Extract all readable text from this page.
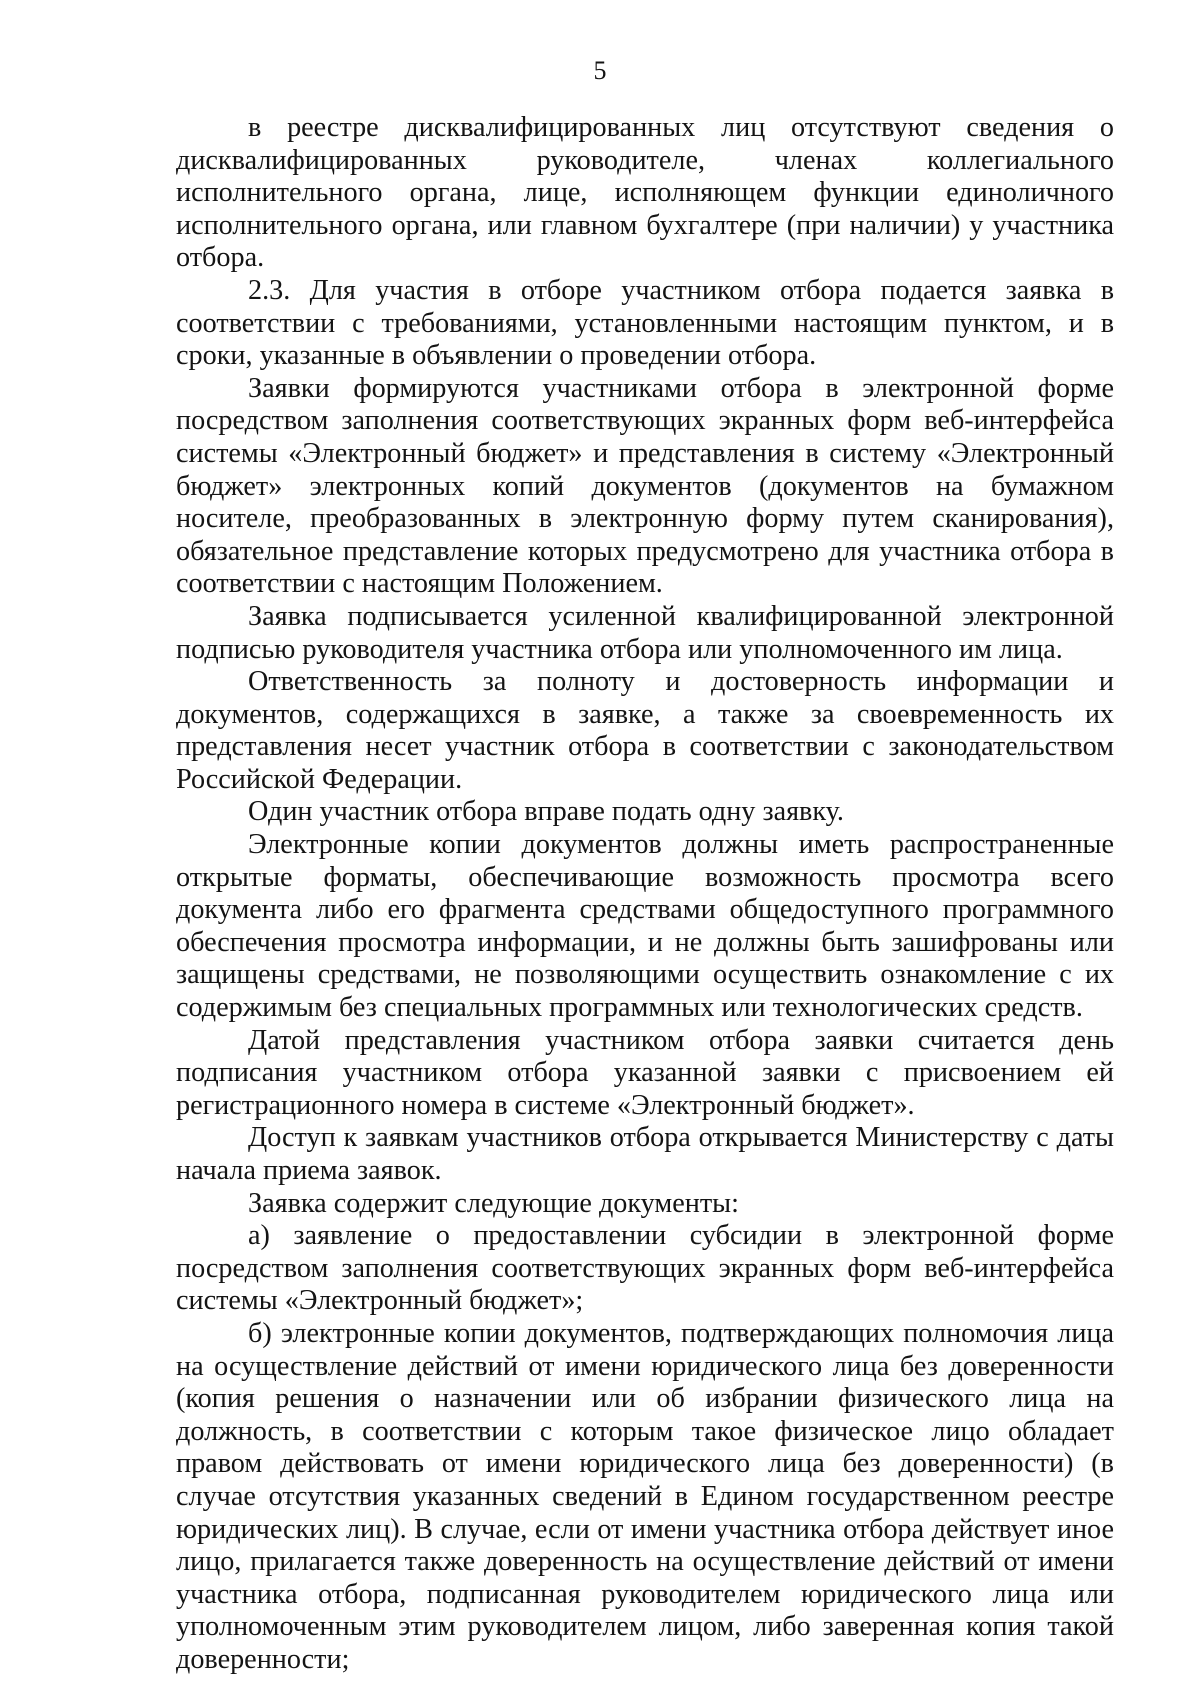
5

в реестре дисквалифицированных лиц отсутствуют сведения о дисквалифицированных руководителе, членах коллегиального исполнительного органа, лице, исполняющем функции единоличного исполнительного органа, или главном бухгалтере (при наличии) у участника отбора.

2.3. Для участия в отборе участником отбора подается заявка в соответствии с требованиями, установленными настоящим пунктом, и в сроки, указанные в объявлении о проведении отбора.

Заявки формируются участниками отбора в электронной форме посредством заполнения соответствующих экранных форм веб-интерфейса системы «Электронный бюджет» и представления в систему «Электронный бюджет» электронных копий документов (документов на бумажном носителе, преобразованных в электронную форму путем сканирования), обязательное представление которых предусмотрено для участника отбора в соответствии с настоящим Положением.

Заявка подписывается усиленной квалифицированной электронной подписью руководителя участника отбора или уполномоченного им лица.

Ответственность за полноту и достоверность информации и документов, содержащихся в заявке, а также за своевременность их представления несет участник отбора в соответствии с законодательством Российской Федерации.

Один участник отбора вправе подать одну заявку.

Электронные копии документов должны иметь распространенные открытые форматы, обеспечивающие возможность просмотра всего документа либо его фрагмента средствами общедоступного программного обеспечения просмотра информации, и не должны быть зашифрованы или защищены средствами, не позволяющими осуществить ознакомление с их содержимым без специальных программных или технологических средств.

Датой представления участником отбора заявки считается день подписания участником отбора указанной заявки с присвоением ей регистрационного номера в системе «Электронный бюджет».

Доступ к заявкам участников отбора открывается Министерству с даты начала приема заявок.

Заявка содержит следующие документы:

а) заявление о предоставлении субсидии в электронной форме посредством заполнения соответствующих экранных форм веб-интерфейса системы «Электронный бюджет»;

б) электронные копии документов, подтверждающих полномочия лица на осуществление действий от имени юридического лица без доверенности (копия решения о назначении или об избрании физического лица на должность, в соответствии с которым такое физическое лицо обладает правом действовать от имени юридического лица без доверенности) (в случае отсутствия указанных сведений в Едином государственном реестре юридических лиц). В случае, если от имени участника отбора действует иное лицо, прилагается также доверенность на осуществление действий от имени участника отбора, подписанная руководителем юридического лица или уполномоченным этим руководителем лицом, либо заверенная копия такой доверенности;
